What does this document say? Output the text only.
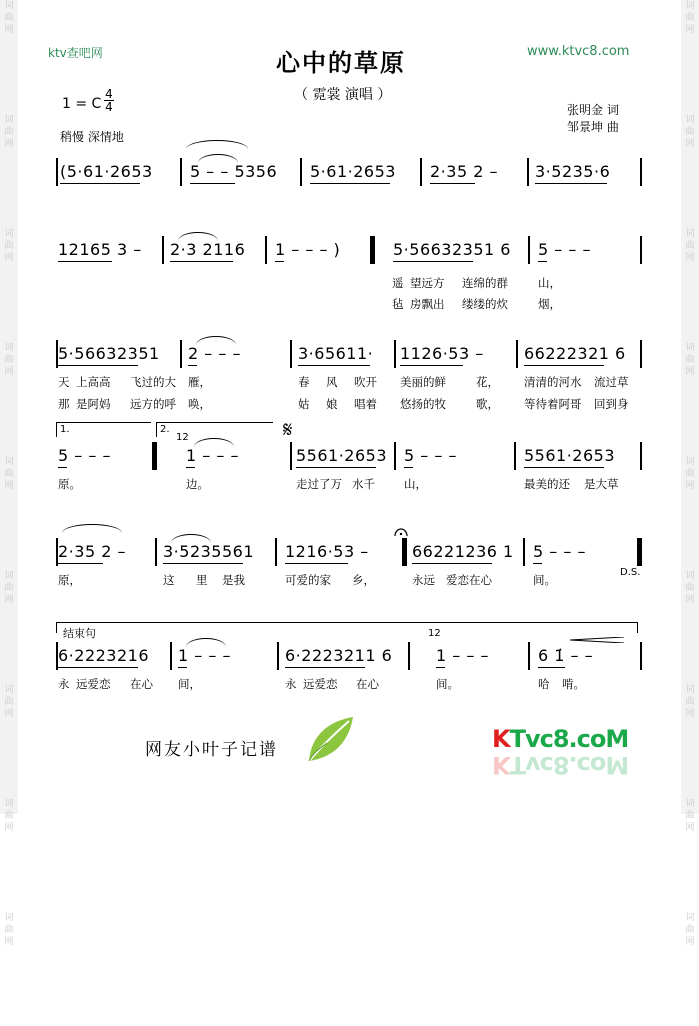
词
曲
网
词
曲
网
词
曲
网
词
曲
网
词
曲
网
词
曲
网
词
曲
网
词
曲
网
词
曲
网
词
曲
网
词
曲
网
词
曲
网
词
曲
网
词
曲
网
词
曲
网
词
曲
网
词
曲
网
词
曲
网
ktv查吧网	www.ktvc8.com
心中的草原
（ 霓裳 演唱 ）
1 = C
4
4
稍慢 深情地
张明金 词
邹景坤 曲
(5·61·2653 5 – – 5356 5·61·2653 2·35 2 – 3·5235·6
12165 3 – 2·3 2116 1 – – – )	5·56632351 6 5 – – –
遥 望远方 连绵的群	山，
毡 房飘出 缕缕的炊	烟，
5·56632351 2 – – –	3·65611· 1126·53 –	66222321 6
天 上高高 飞过的大 雁，	春 风 吹开 美丽的鲜	花， 清清的河水 流过草
那 是阿妈 远方的呼 唤，	姑 娘 唱着 悠扬的牧	歌， 等待着阿哥 回到身
5 – – –	1 – – –	5561·2653 5 – – –	5561·2653
原。	边。	走过了万 水千	山，	最美的还 是大草
2·35 2 – 3·5235561 1216·53 –	66221236 1 5 – – –
原，	这 里 是我	可爱的家 乡，	永远 爱恋在心	间。
6·2223216 1 – – –	6·2223211 6	1 – – –	6 1̇ – –
永 远爱恋 在心 间，	永 远爱恋 在心	间。	哈 啃。
1.	2.
12	𝄋
D.S.
结束句	12
网友小叶子记谱	KTvc8.coM
KTvc8.coM
